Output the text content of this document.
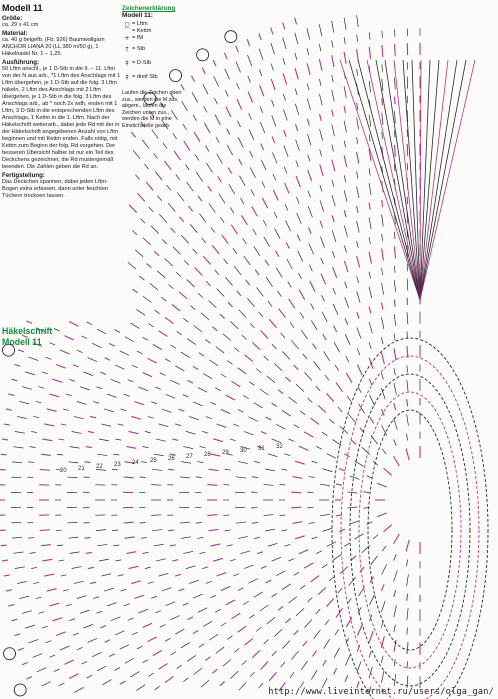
20 21 22 23 24 25 26 27 28 29 30 31 32
Modell 11
Größe:

ca. 29 x 41 cm

Material:

ca. 40 g beigefb. (Fb. 926) Baumwollgarn ANCHOR LIANA 20 (LL 380 m/50 g), 1 Häkelnadel Nr. 1 – 1,25.

Ausführung:

50 Lftm anschl., je 1 D-Stb in die 9. – 11. Lftm von der N aus arb., *1 Lftm des Anschlags mit 1 Lftm übergehen, je 1 D-Stb auf die folg. 3 Lftm häkeln, 2 Lftm des Anschlags mit 2 Lftm übergehen, je 1 D-Stb in die folg. 3 Lftm des Anschlags arb., ab * noch 2x wdh, enden mit 1 Lftm, 3 D-Stb in die entsprechenden Lftm des Anschlags, 1 Kettm in die 1. Lftm. Nach der Häkelschrift weiterarb., dabei jede Rd mit der in der Häkelschrift angegebenen Anzahl von Lftm beginnen und mit Kettm enden. Falls nötig, mit Kettm zum Beginn der folg. Rd vorgehen. Der besseren Übersicht halber ist nur ein Teil des Deckchens gezeichnet, die Rd mustergemäß beenden. Die Zahlen geben die Rd an.

Fertigstellung:

Das Deckchen spannen, dabei jeden Lftm-Bogen extra erfassen, dann unter feuchten Tüchern trocknen lassen.

Zeichenerklärung
Modell 11:
○ = Lftm
⌒ = Kettm
+ = fM
† = Stb
‡ = D-Stb
‡ = dreif Stb
Laufen die Zeichen oben zus., werden die M zus. abgem., laufen die Zeichen unten zus., werden die M in eine Einstichstelle gearb.
Häkelschrift
Modell 11
http://www.liveinternet.ru/users/olga_gan/
